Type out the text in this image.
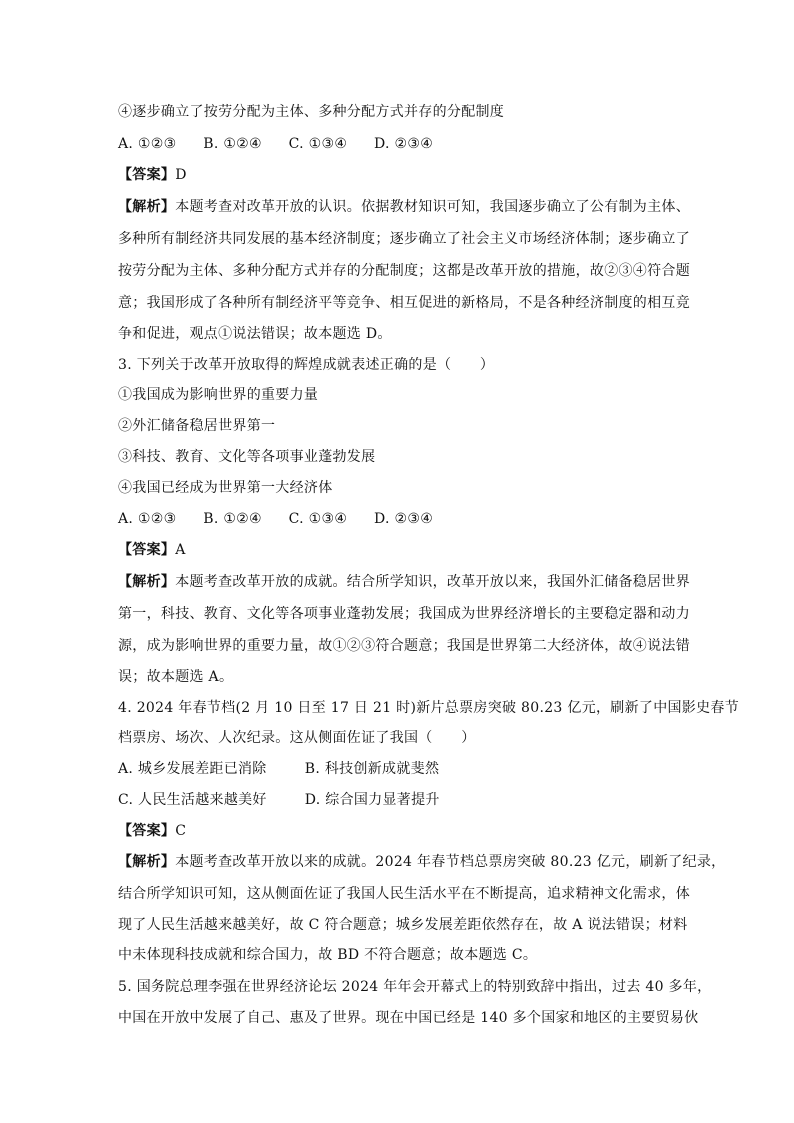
④逐步确立了按劳分配为主体、多种分配方式并存的分配制度
A. ①②③ B. ①②④ C. ①③④ D. ②③④
【答案】D
【解析】本题考查对改革开放的认识。依据教材知识可知，我国逐步确立了公有制为主体、
多种所有制经济共同发展的基本经济制度；逐步确立了社会主义市场经济体制；逐步确立了
按劳分配为主体、多种分配方式并存的分配制度；这都是改革开放的措施，故②③④符合题
意；我国形成了各种所有制经济平等竞争、相互促进的新格局，不是各种经济制度的相互竞
争和促进，观点①说法错误；故本题选 D。
3. 下列关于改革开放取得的辉煌成就表述正确的是（　　）
①我国成为影响世界的重要力量
②外汇储备稳居世界第一
③科技、教育、文化等各项事业蓬勃发展
④我国已经成为世界第一大经济体
A. ①②③ B. ①②④ C. ①③④ D. ②③④
【答案】A
【解析】本题考查改革开放的成就。结合所学知识，改革开放以来，我国外汇储备稳居世界
第一，科技、教育、文化等各项事业蓬勃发展；我国成为世界经济增长的主要稳定器和动力
源，成为影响世界的重要力量，故①②③符合题意；我国是世界第二大经济体，故④说法错
误；故本题选 A。
4. 2024 年春节档(2 月 10 日至 17 日 21 时)新片总票房突破 80.23 亿元，刷新了中国影史春节
档票房、场次、人次纪录。这从侧面佐证了我国（　　）
A. 城乡发展差距已消除	B. 科技创新成就斐然
C. 人民生活越来越美好	D. 综合国力显著提升
【答案】C
【解析】本题考查改革开放以来的成就。2024 年春节档总票房突破 80.23 亿元，刷新了纪录，
结合所学知识可知，这从侧面佐证了我国人民生活水平在不断提高，追求精神文化需求，体
现了人民生活越来越美好，故 C 符合题意；城乡发展差距依然存在，故 A 说法错误；材料
中未体现科技成就和综合国力，故 BD 不符合题意；故本题选 C。
5. 国务院总理李强在世界经济论坛 2024 年年会开幕式上的特别致辞中指出，过去 40 多年，
中国在开放中发展了自己、惠及了世界。现在中国已经是 140 多个国家和地区的主要贸易伙
